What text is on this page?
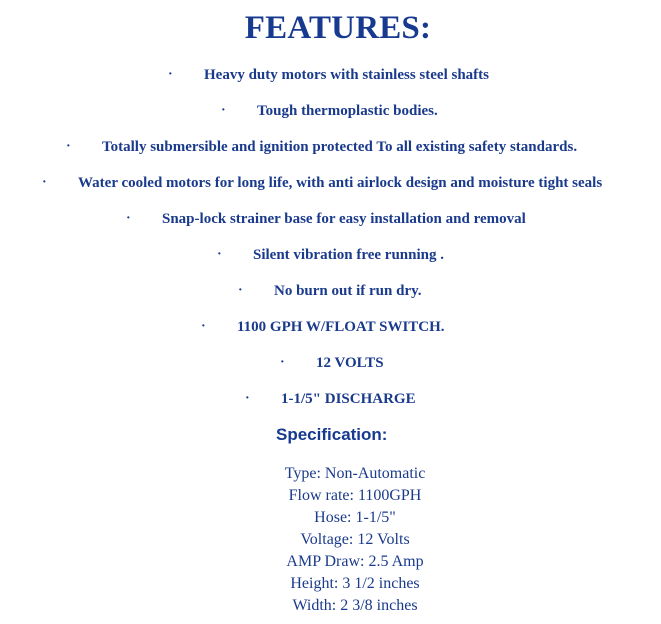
FEATURES:
· Heavy duty motors with stainless steel shafts
· Tough thermoplastic bodies.
· Totally submersible and ignition protected To all existing safety standards.
· Water cooled motors for long life, with anti airlock design and moisture tight seals
· Snap-lock strainer base for easy installation and removal
· Silent vibration free running .
· No burn out if run dry.
· 1100 GPH W/FLOAT SWITCH.
· 12 VOLTS
· 1-1/5" DISCHARGE
Specification:
Type: Non-Automatic
Flow rate: 1100GPH
Hose: 1-1/5"
Voltage: 12 Volts
AMP Draw: 2.5 Amp
Height: 3 1/2 inches
Width: 2 3/8 inches
